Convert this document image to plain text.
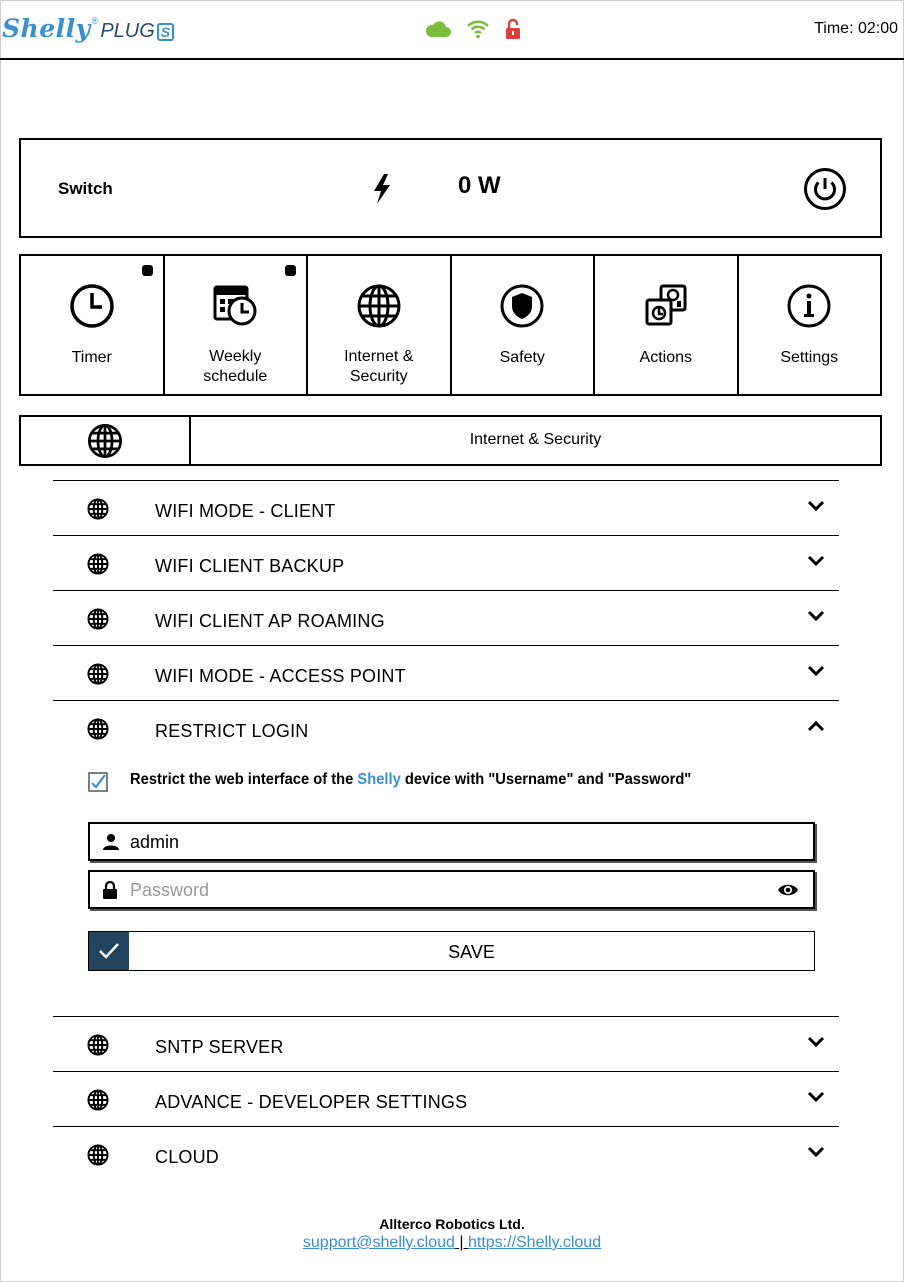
Shelly ® PLUG S	Time: 02:00
Switch	0 W
Timer	Weekly schedule
Internet & Security
Safety	Actions	Settings
Internet & Security
WIFI MODE - CLIENT
WIFI CLIENT BACKUP
WIFI CLIENT AP ROAMING
WIFI MODE - ACCESS POINT
RESTRICT LOGIN
Restrict the web interface of the Shelly device with "Username" and "Password"
admin
SAVE
SNTP SERVER
ADVANCE - DEVELOPER SETTINGS
CLOUD
Allterco Robotics Ltd.
support@shelly.cloud | https://Shelly.cloud
